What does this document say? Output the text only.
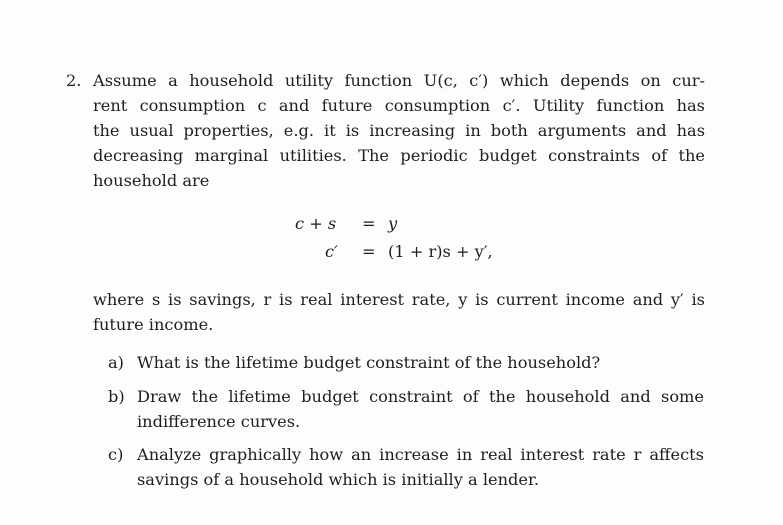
2. Assume a household utility function U(c, c′) which depends on cur-
rent consumption c and future consumption c′. Utility function has
the usual properties, e.g. it is increasing in both arguments and has
decreasing marginal utilities. The periodic budget constraints of the
household are
c + s = y
c′ = (1 + r)s + y′,
where s is savings, r is real interest rate, y is current income and y′ is
future income.
a) What is the lifetime budget constraint of the household?
b) Draw the lifetime budget constraint of the household and some
indifference curves.
c) Analyze graphically how an increase in real interest rate r affects
savings of a household which is initially a lender.
